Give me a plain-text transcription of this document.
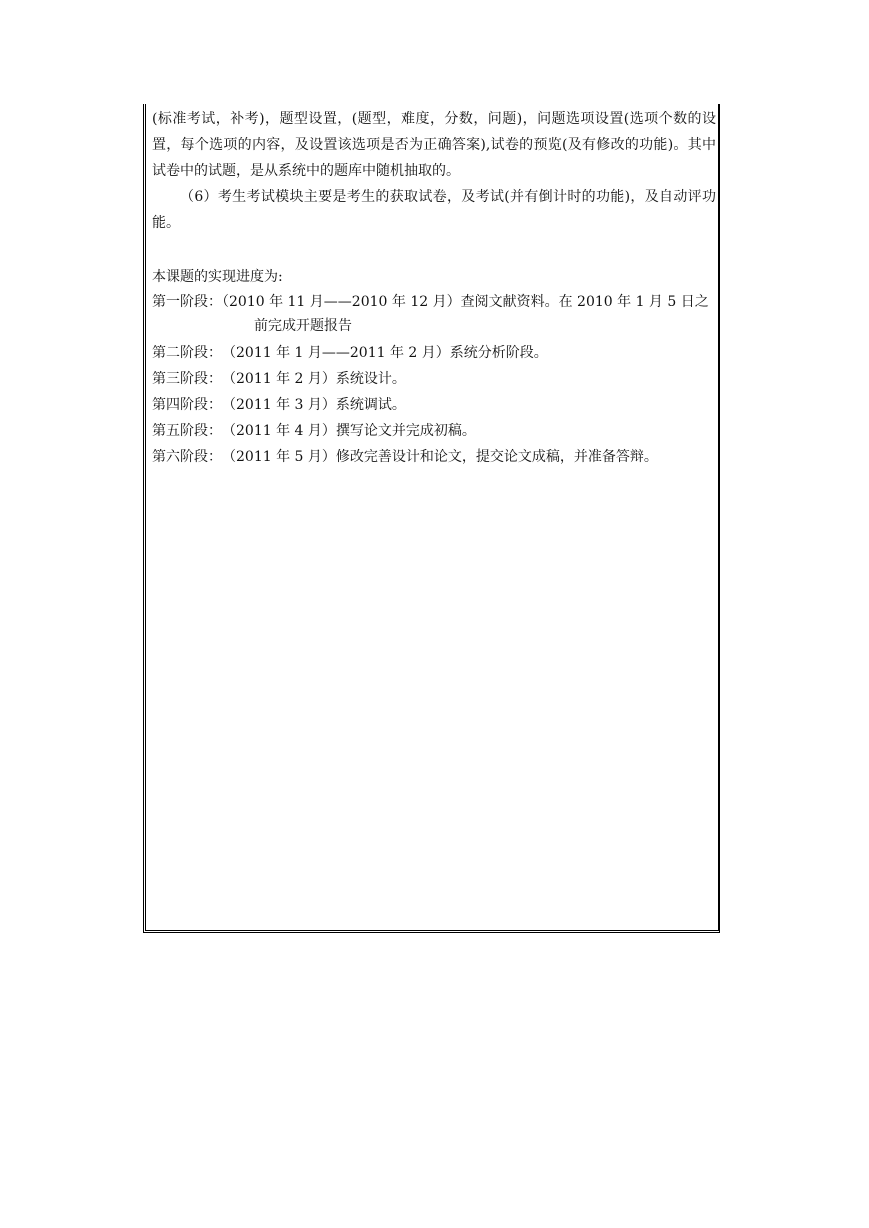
(标准考试，补考)，题型设置，(题型，难度，分数，问题)，问题选项设置(选项个数的设置，每个选项的内容，及设置该选项是否为正确答案),试卷的预览(及有修改的功能)。其中试卷中的试题，是从系统中的题库中随机抽取的。

（6）考生考试模块主要是考生的获取试卷，及考试(并有倒计时的功能)，及自动评功能。

本课题的实现进度为:

第一阶段：（2010 年 11 月——2010 年 12 月）查阅文献资料。在 2010 年 1 月 5 日之前完成开题报告
第二阶段： （2011 年 1 月——2011 年 2 月）系统分析阶段。
第三阶段： （2011 年 2 月）系统设计。
第四阶段： （2011 年 3 月）系统调试。
第五阶段： （2011 年 4 月）撰写论文并完成初稿。
第六阶段： （2011 年 5 月）修改完善设计和论文，提交论文成稿，并准备答辩。
